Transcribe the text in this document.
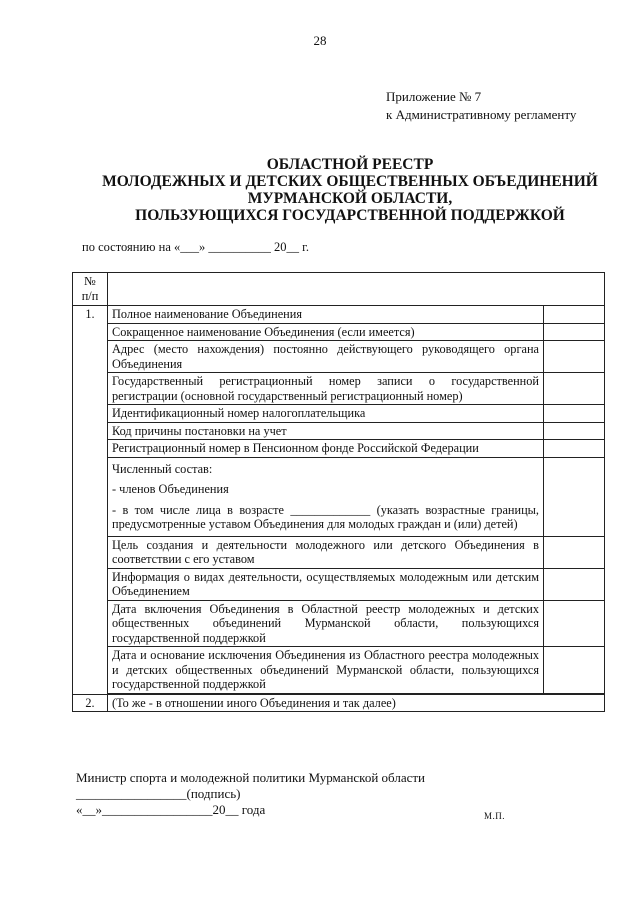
28
Приложение № 7
к Административному регламенту
ОБЛАСТНОЙ РЕЕСТР
МОЛОДЕЖНЫХ И ДЕТСКИХ ОБЩЕСТВЕННЫХ ОБЪЕДИНЕНИЙ
МУРМАНСКОЙ ОБЛАСТИ,
ПОЛЬЗУЮЩИХСЯ ГОСУДАРСТВЕННОЙ ПОДДЕРЖКОЙ
по состоянию на «___» __________ 20__ г.
№
п/п		

1.	Полное наименование Объединения	
	Сокращенное наименование Объединения (если имеется)	
	Адрес (место нахождения) постоянно действующего руководящего органа Объединения	
	Государственный регистрационный номер записи о государственной регистрации (основной государственный регистрационный номер)	
	Идентификационный номер налогоплательщика	
	Код причины постановки на учет	
	Регистрационный номер в Пенсионном фонде Российской Федерации	

	Численный состав:
- членов Объединения
- в том числе лица в возрасте _____________ (указать возрастные границы, предусмотренные уставом Объединения для молодых граждан и (или) детей)	

	Цель создания и деятельности молодежного или детского Объединения в соответствии с его уставом	
	Информация о видах деятельности, осуществляемых молодежным или детским Объединением	
	Дата включения Объединения в Областной реестр молодежных и детских общественных объединений Мурманской области, пользующихся государственной поддержкой	
	Дата и основание исключения Объединения из Областного реестра молодежных и детских общественных объединений Мурманской области, пользующихся государственной поддержкой	

2.	(То же - в отношении иного Объединения и так далее)	
Министр спорта и молодежной политики Мурманской области
_________________(подпись)
«__»_________________20__ года	М.П.
